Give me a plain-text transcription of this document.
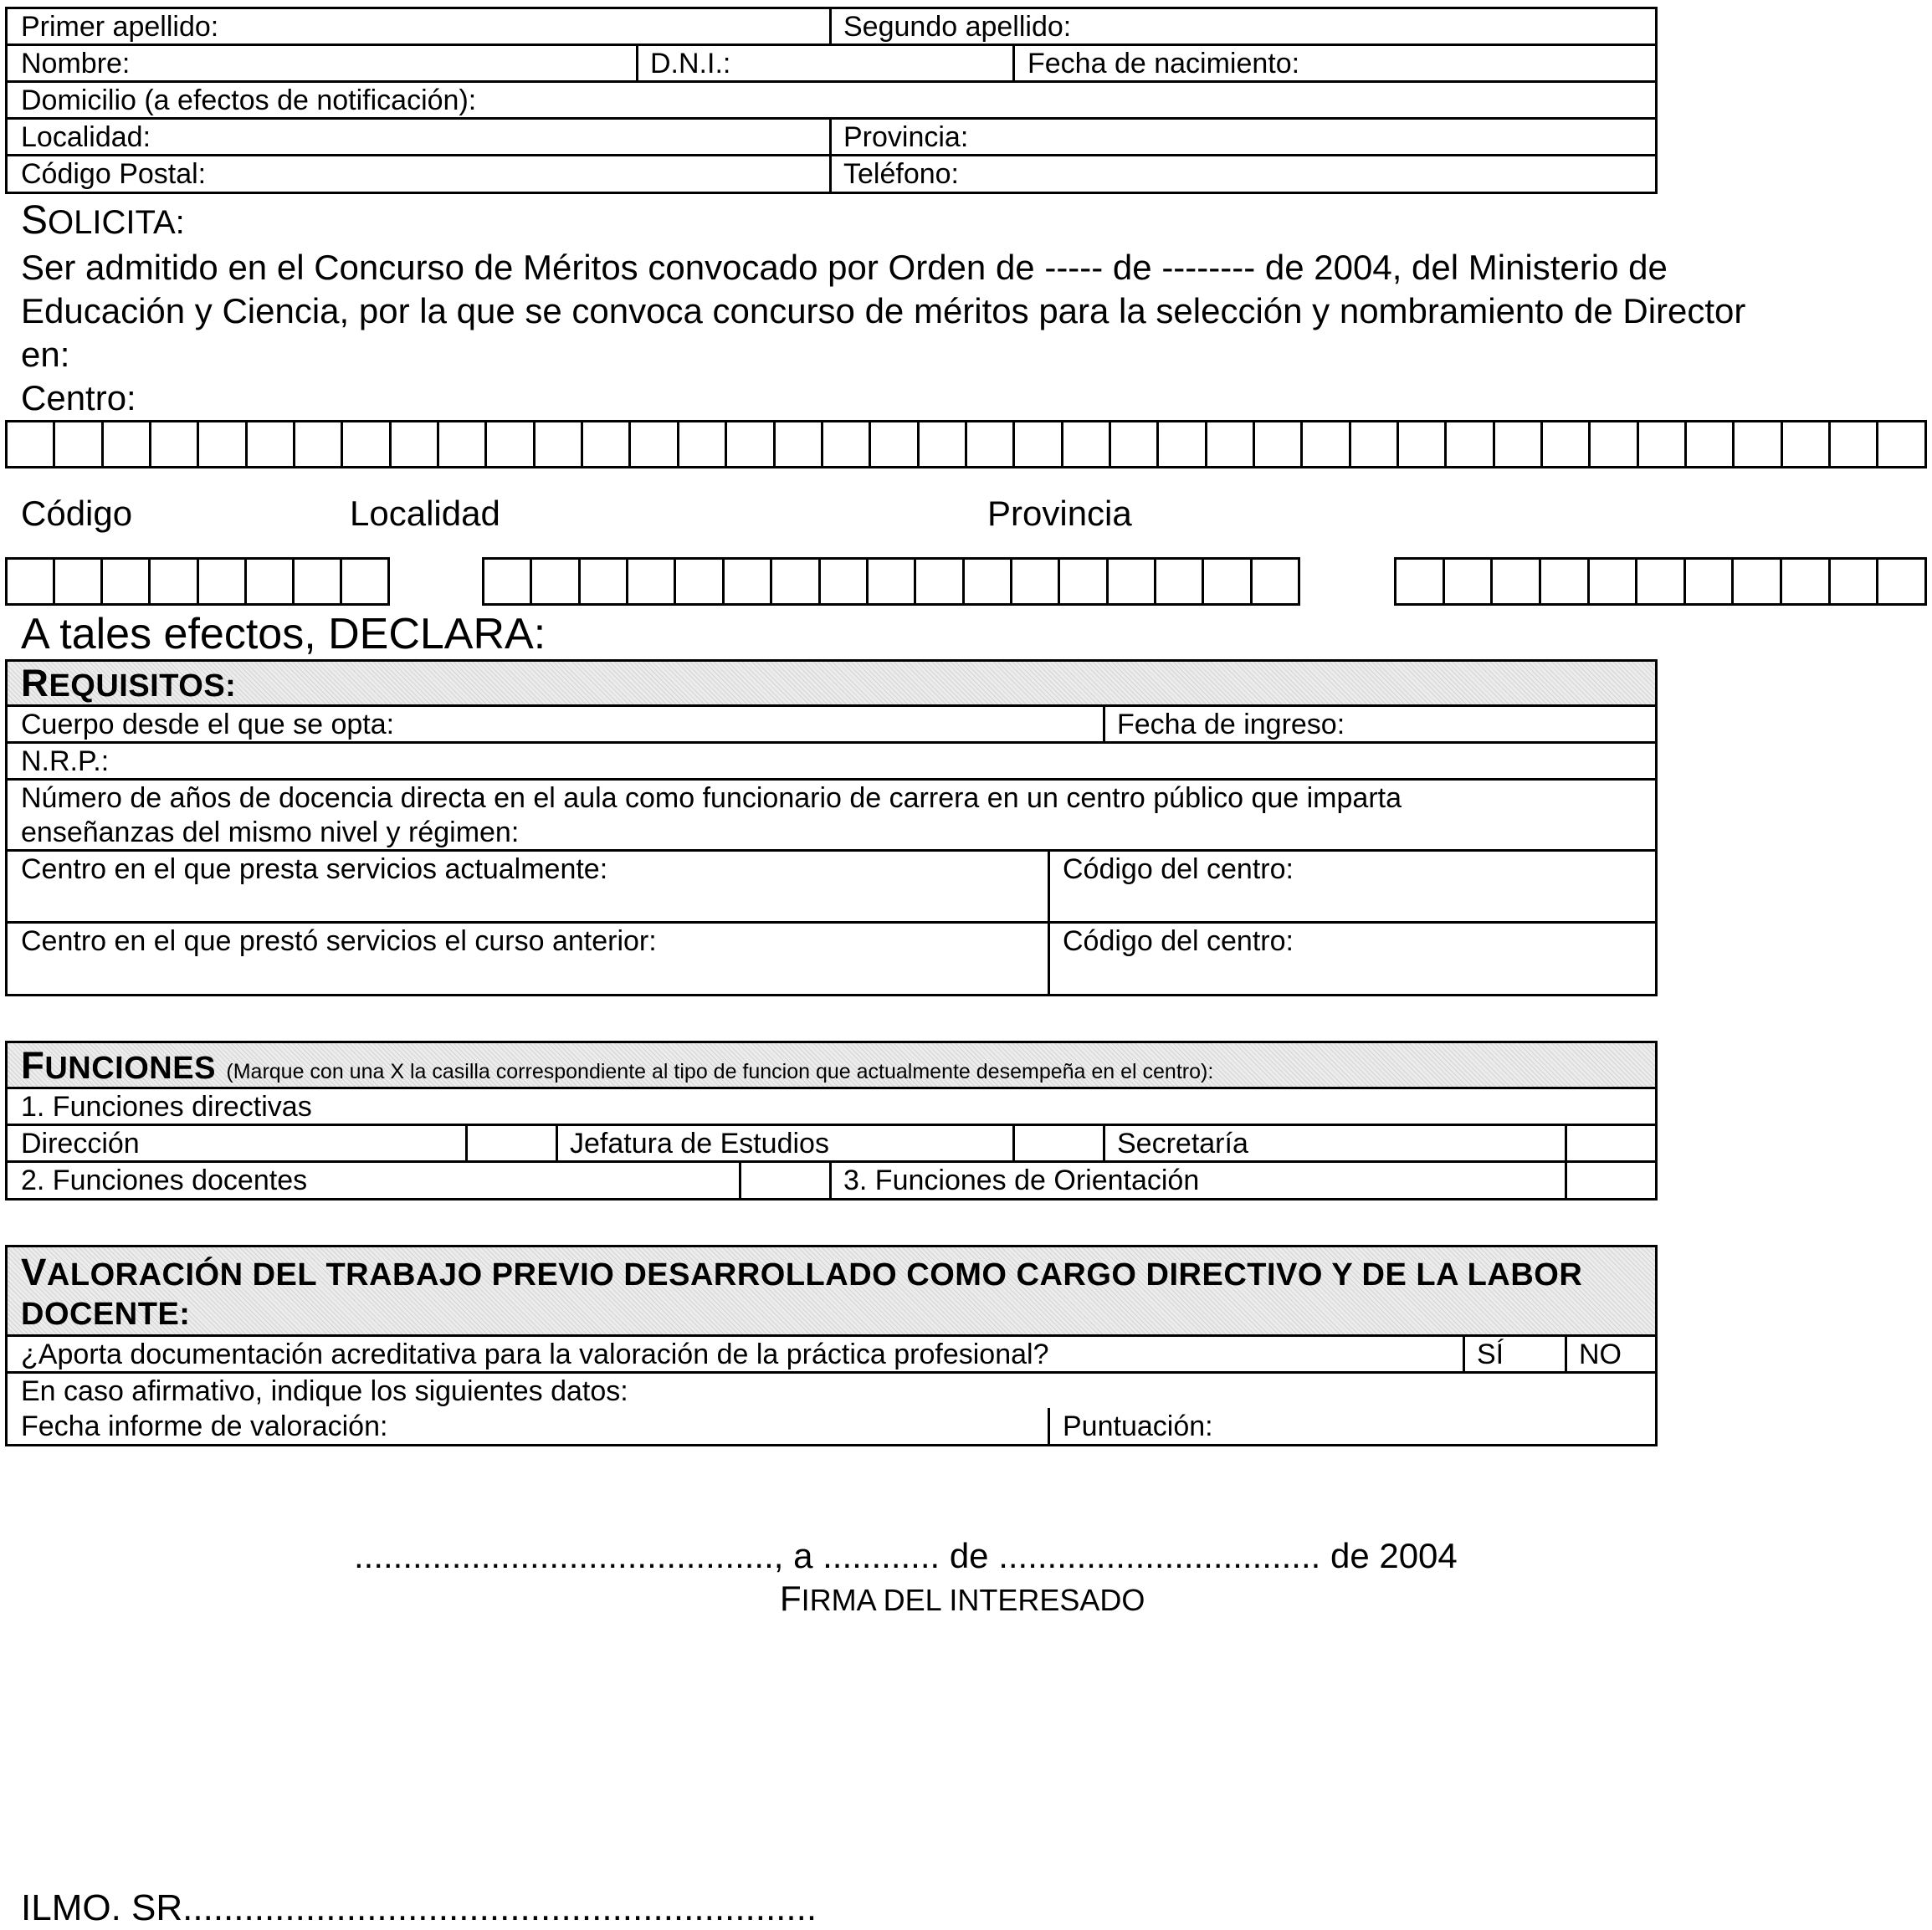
Primer apellido:	Segundo apellido:
Nombre:	D.N.I.:	Fecha de nacimiento:
Domicilio (a efectos de notificación):
Localidad:	Provincia:
Código Postal:	Teléfono:
SOLICITA:
Ser admitido en el Concurso de Méritos convocado por Orden de ----- de -------- de 2004, del Ministerio de
Educación y Ciencia, por la que se convoca concurso de méritos para la selección y nombramiento de Director
en:
Centro:
Código	Localidad	Provincia
A tales efectos, DECLARA:
REQUISITOS:
Cuerpo desde el que se opta:	Fecha de ingreso:
N.R.P.:
Número de años de docencia directa en el aula como funcionario de carrera en un centro público que imparta
enseñanzas del mismo nivel y régimen:
Centro en el que presta servicios actualmente:	Código del centro:
Centro en el que prestó servicios el curso anterior:	Código del centro:
FUNCIONES (Marque con una X la casilla correspondiente al tipo de funcion que actualmente desempeña en el centro):
1. Funciones directivas
Dirección	Jefatura de Estudios	Secretaría
2. Funciones docentes	3. Funciones de Orientación
VALORACIÓN DEL TRABAJO PREVIO DESARROLLADO COMO CARGO DIRECTIVO Y DE LA LABOR
DOCENTE:
¿Aporta documentación acreditativa para la valoración de la práctica profesional?	SÍ	NO
En caso afirmativo, indique los siguientes datos:
Fecha informe de valoración:	Puntuación:
..........................................., a ............ de ................................. de 2004
FIRMA DEL INTERESADO
ILMO. SR..............................................................
